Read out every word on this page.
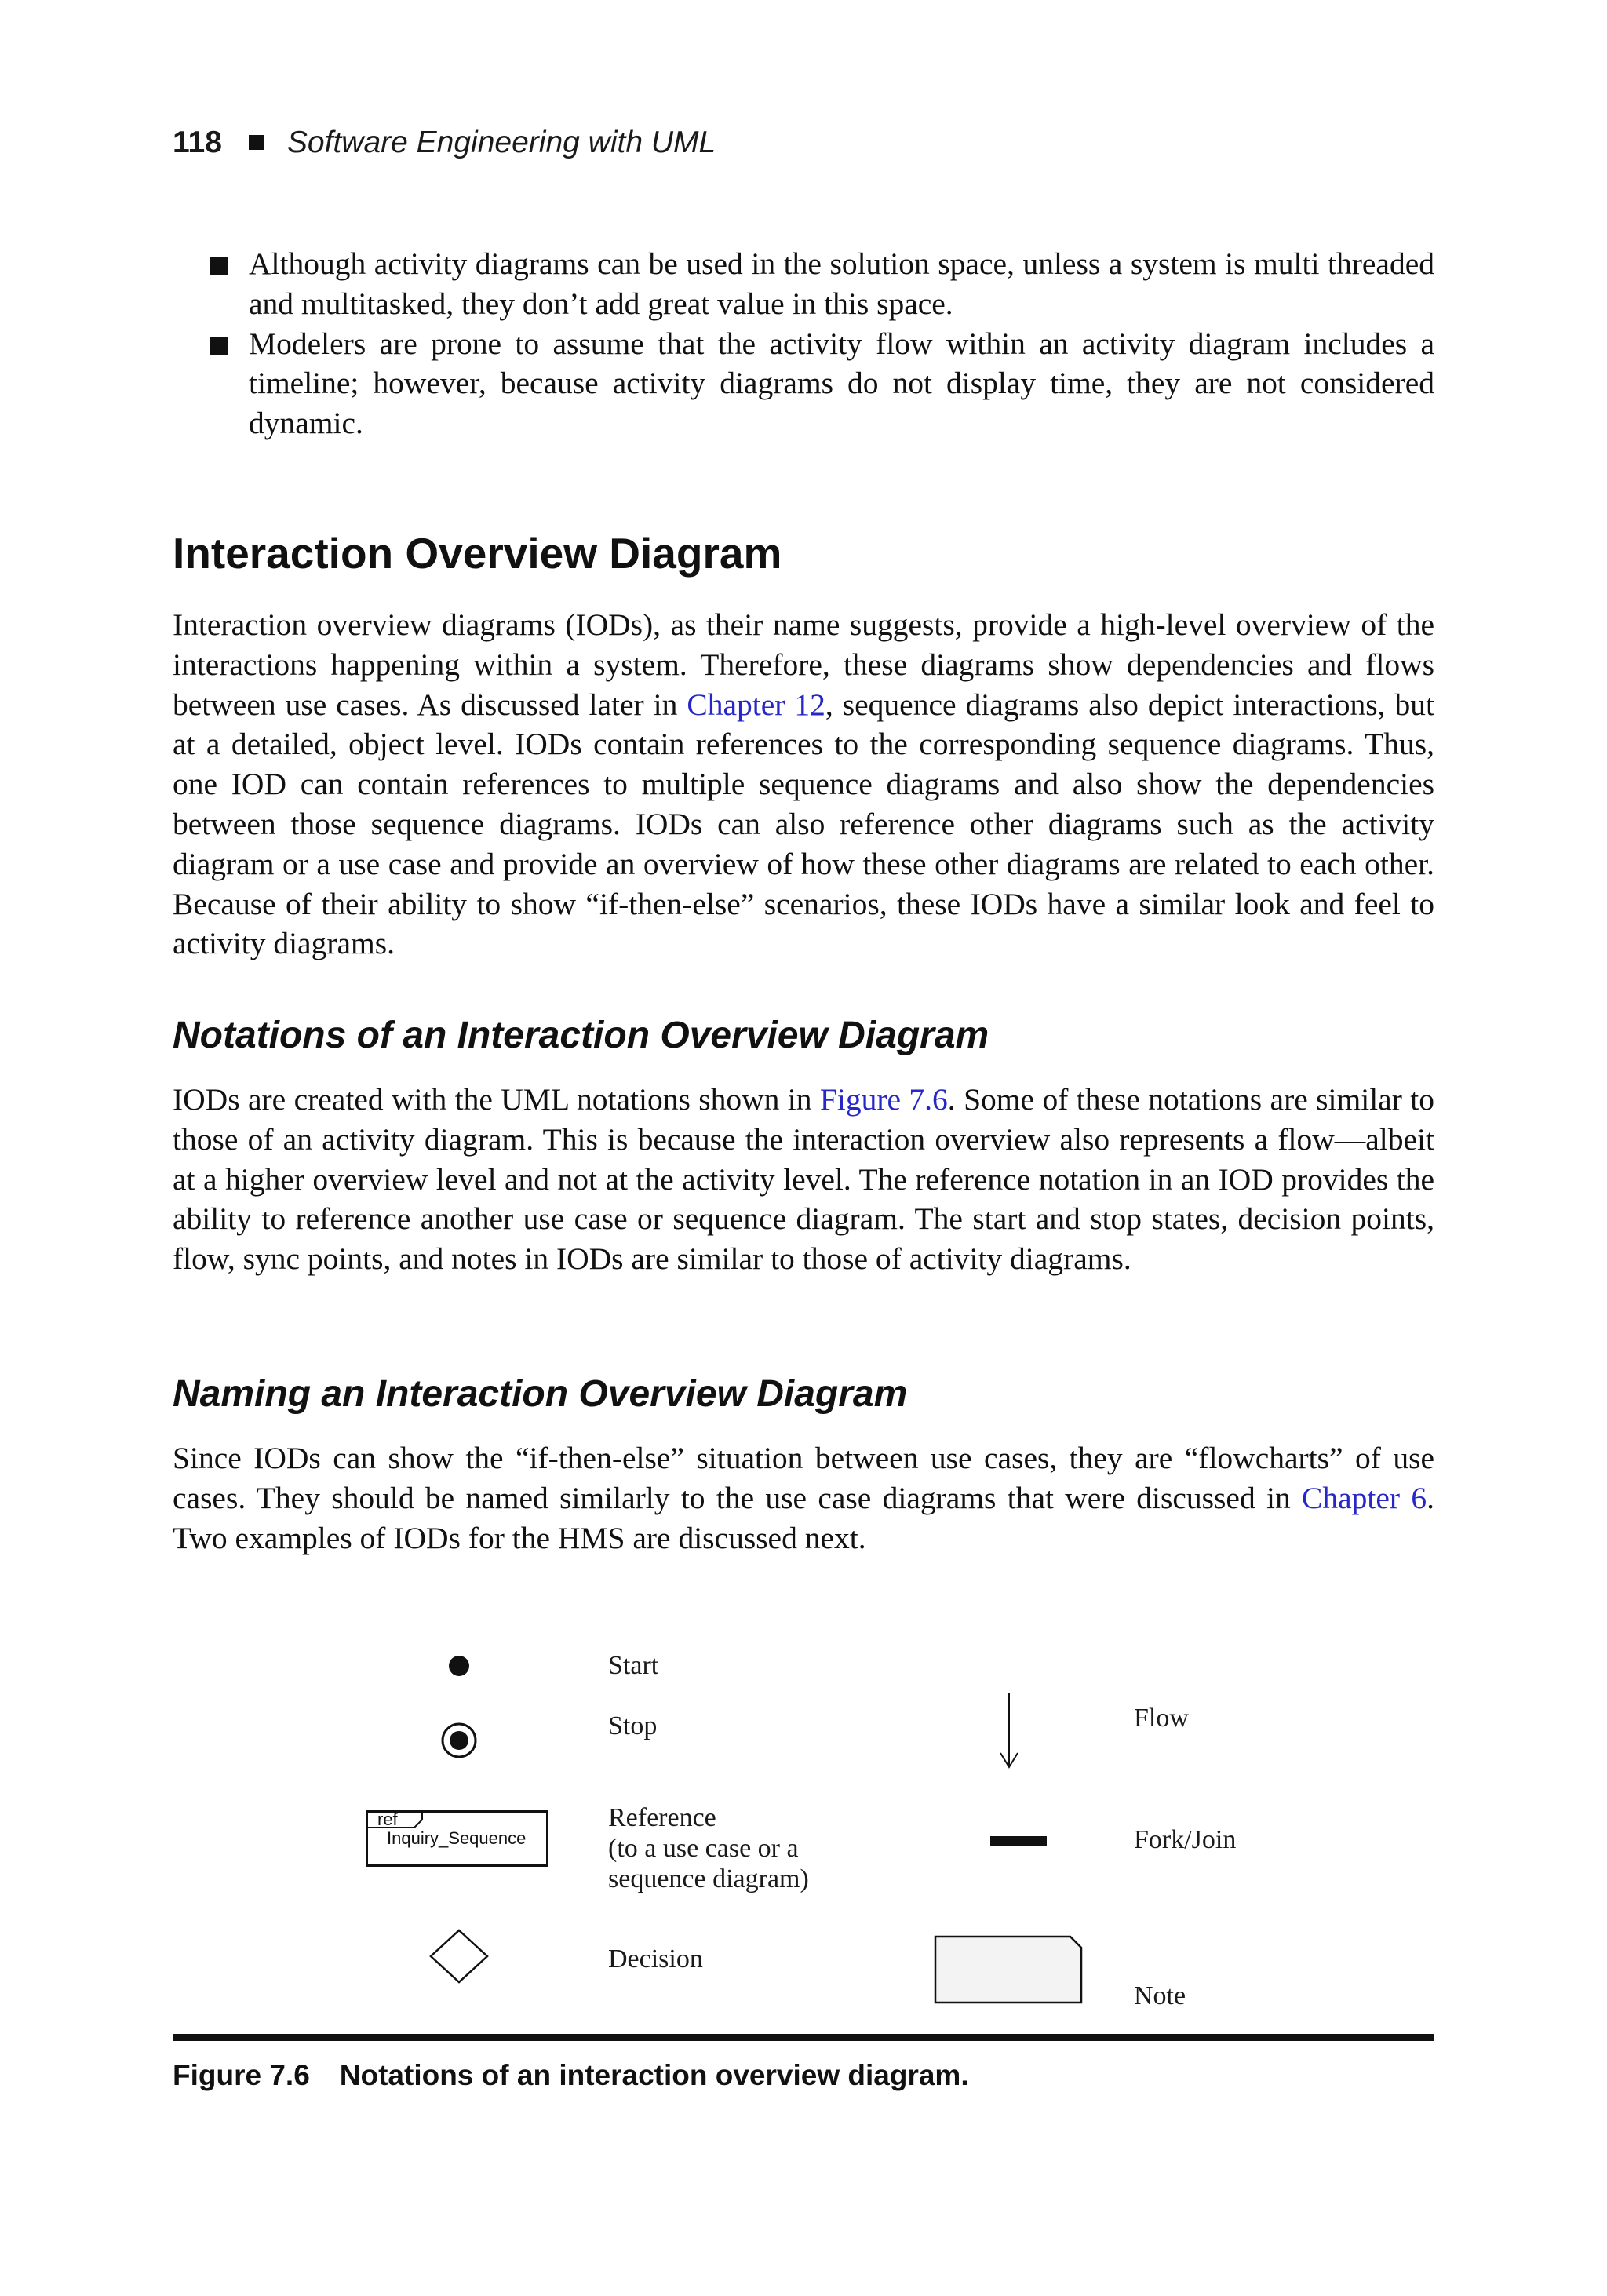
118 Software Engineering with UML
Although activity diagrams can be used in the solution space, unless a system is multi threaded and multitasked, they don’t add great value in this space.
Modelers are prone to assume that the activity flow within an activity diagram includes a timeline; however, because activity diagrams do not display time, they are not considered dynamic.
Interaction Overview Diagram
Interaction overview diagrams (IODs), as their name suggests, provide a high-level overview of the interactions happening within a system. Therefore, these diagrams show dependencies and flows between use cases. As discussed later in Chapter 12, sequence diagrams also depict interactions, but at a detailed, object level. IODs contain references to the corresponding sequence diagrams. Thus, one IOD can contain references to multiple sequence diagrams and also show the dependencies between those sequence diagrams. IODs can also reference other diagrams such as the activity diagram or a use case and provide an overview of how these other diagrams are related to each other. Because of their ability to show “if-then-else” scenarios, these IODs have a similar look and feel to activity diagrams.
Notations of an Interaction Overview Diagram
IODs are created with the UML notations shown in Figure 7.6. Some of these notations are similar to those of an activity diagram. This is because the interaction overview also represents a flow—albeit at a higher overview level and not at the activity level. The reference notation in an IOD provides the ability to reference another use case or sequence diagram. The start and stop states, decision points, flow, sync points, and notes in IODs are similar to those of activity diagrams.
Naming an Interaction Overview Diagram
Since IODs can show the “if-then-else” situation between use cases, they are “flowcharts” of use cases. They should be named similarly to the use case diagrams that were discussed in Chapter 6. Two examples of IODs for the HMS are discussed next.
Start
Stop
ref
Inquiry_Sequence
Reference
(to a use case or a
sequence diagram)
Decision
Flow
Fork/Join
Note
Figure 7.6 Notations of an interaction overview diagram.
